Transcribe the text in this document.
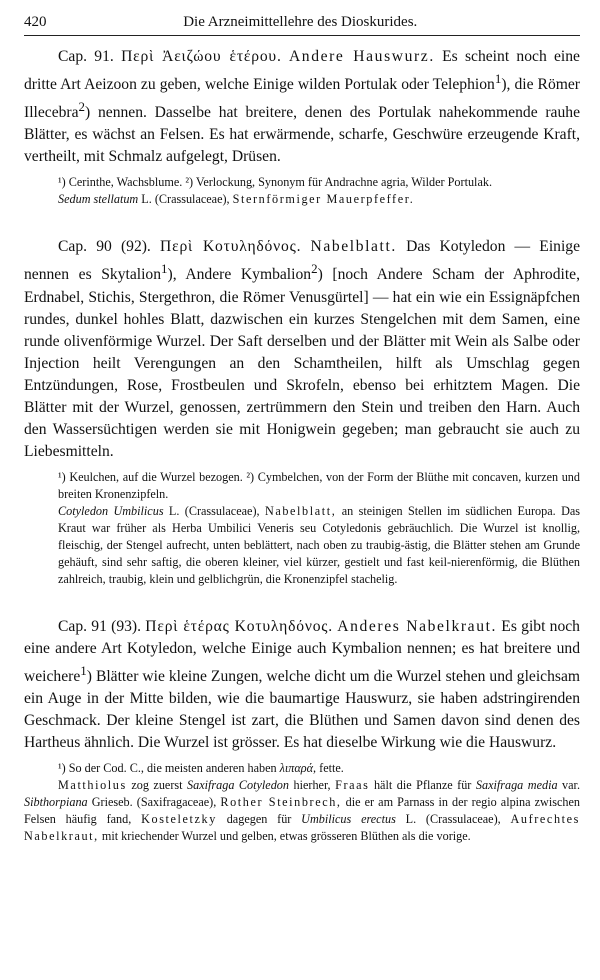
420	Die Arzneimittellehre des Dioskurides.

Cap. 91. Περὶ Ἀειζώου ἑτέρου. Andere Hauswurz. Es scheint noch eine dritte Art Aeizoon zu geben, welche Einige wilden Portulak oder Telephion$^1$), die Römer Illecebra$^2$) nennen. Dasselbe hat breitere, denen des Portulak nahekommende rauhe Blätter, es wächst an Felsen. Es hat erwärmende, scharfe, Geschwüre erzeugende Kraft, vertheilt, mit Schmalz aufgelegt, Drüsen.

¹) Cerinthe, Wachsblume. ²) Verlockung, Synonym für Andrachne agria, Wilder Portulak.

Sedum stellatum L. (Crassulaceae), Sternförmiger Mauerpfeffer.

Cap. 90 (92). Περὶ Κοτυληδόνος. Nabelblatt. Das Kotyledon — Einige nennen es Skytalion$^1$), Andere Kymbalion$^2$) [noch Andere Scham der Aphrodite, Erdnabel, Stichis, Stergethron, die Römer Venusgürtel] — hat ein wie ein Essignäpfchen rundes, dunkel hohles Blatt, dazwischen ein kurzes Stengelchen mit dem Samen, eine runde olivenförmige Wurzel. Der Saft derselben und der Blätter mit Wein als Salbe oder Injection heilt Verengungen an den Schamtheilen, hilft als Umschlag gegen Entzündungen, Rose, Frostbeulen und Skrofeln, ebenso bei erhitztem Magen. Die Blätter mit der Wurzel, genossen, zertrümmern den Stein und treiben den Harn. Auch den Wassersüchtigen werden sie mit Honigwein gegeben; man gebraucht sie auch zu Liebesmitteln.

¹) Keulchen, auf die Wurzel bezogen. ²) Cymbelchen, von der Form der Blüthe mit concaven, kurzen und breiten Kronenzipfeln.

Cotyledon Umbilicus L. (Crassulaceae), Nabelblatt, an steinigen Stellen im südlichen Europa. Das Kraut war früher als Herba Umbilici Veneris seu Cotyledonis gebräuchlich. Die Wurzel ist knollig, fleischig, der Stengel aufrecht, unten beblättert, nach oben zu traubig-ästig, die Blätter stehen am Grunde gehäuft, sind sehr saftig, die oberen kleiner, viel kürzer, gestielt und fast keil-nierenförmig, die Blüthen zahlreich, traubig, klein und gelblichgrün, die Kronenzipfel stachelig.

Cap. 91 (93). Περὶ ἑτέρας Κοτυληδόνος. Anderes Nabelkraut. Es gibt noch eine andere Art Kotyledon, welche Einige auch Kymbalion nennen; es hat breitere und weichere$^1$) Blätter wie kleine Zungen, welche dicht um die Wurzel stehen und gleichsam ein Auge in der Mitte bilden, wie die baumartige Hauswurz, sie haben adstringirenden Geschmack. Der kleine Stengel ist zart, die Blüthen und Samen davon sind denen des Hartheus ähnlich. Die Wurzel ist grösser. Es hat dieselbe Wirkung wie die Hauswurz.

¹) So der Cod. C., die meisten anderen haben λιπαρά, fette.

Matthiolus zog zuerst Saxifraga Cotyledon hierher, Fraas hält die Pflanze für Saxifraga media var. Sibthorpiana Grieseb. (Saxifragaceae), Rother Steinbrech, die er am Parnass in der regio alpina zwischen Felsen häufig fand, Kosteletzky dagegen für Umbilicus erectus L. (Crassulaceae), Aufrechtes Nabelkraut, mit kriechender Wurzel und gelben, etwas grösseren Blüthen als die vorige.
